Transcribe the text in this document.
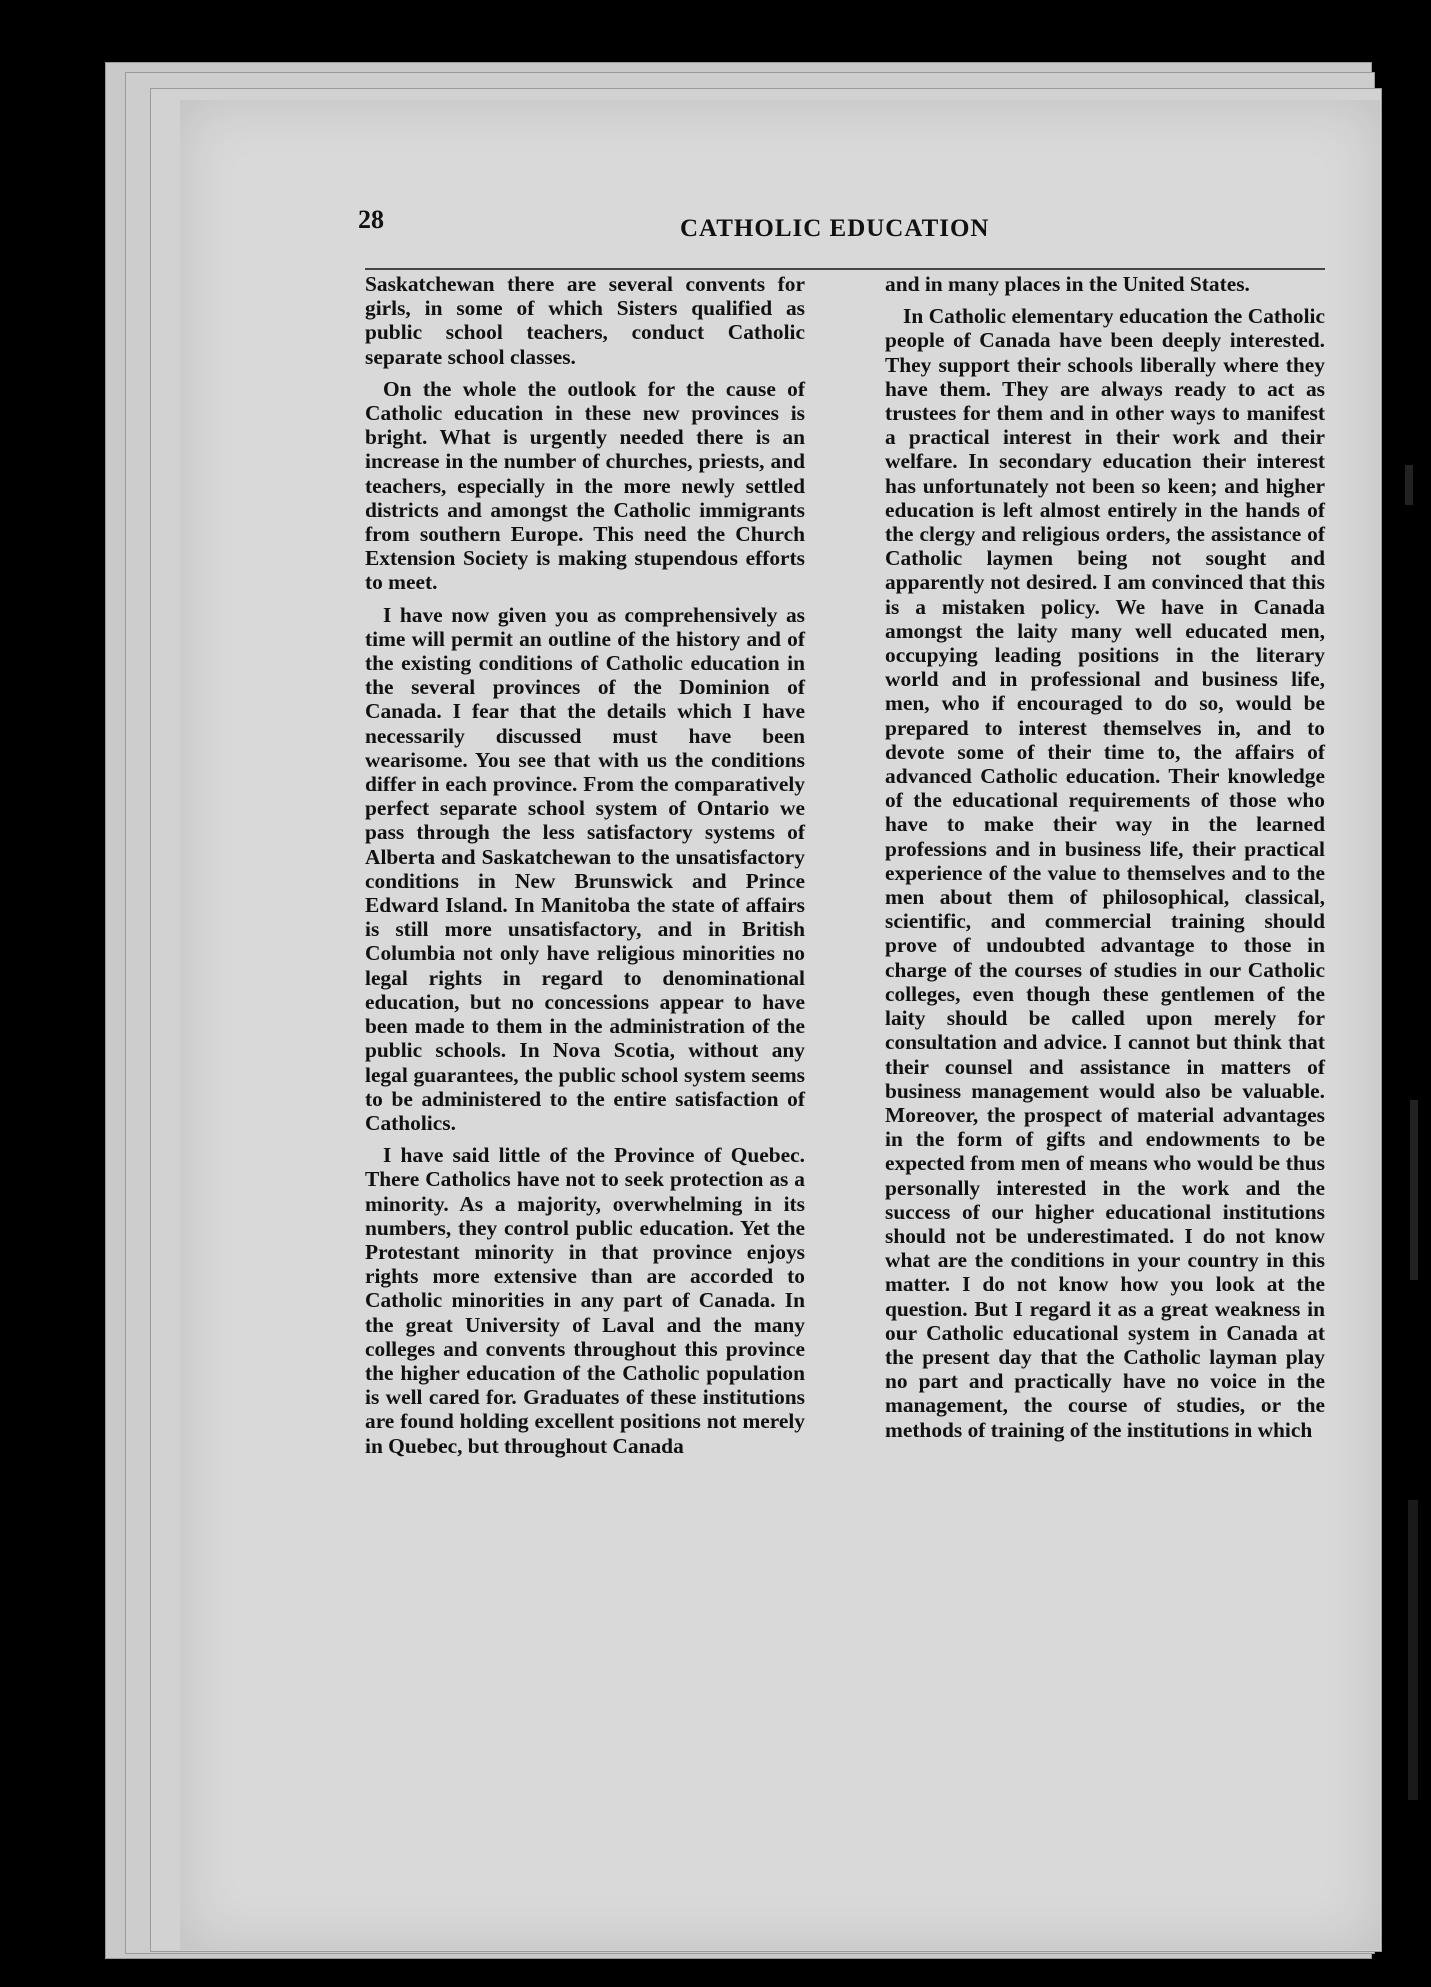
28	CATHOLIC EDUCATION

Saskatchewan there are several convents for girls, in some of which Sisters qualified as public school teachers, conduct Catholic separate school classes.

On the whole the outlook for the cause of Catholic education in these new provinces is bright. What is urgently needed there is an increase in the number of churches, priests, and teachers, especially in the more newly settled districts and amongst the Catholic immigrants from southern Europe. This need the Church Extension Society is making stupendous efforts to meet.

I have now given you as comprehensively as time will permit an outline of the history and of the existing conditions of Catholic education in the several provinces of the Dominion of Canada. I fear that the details which I have necessarily discussed must have been wearisome. You see that with us the conditions differ in each province. From the comparatively perfect separate school system of Ontario we pass through the less satisfactory systems of Alberta and Saskatchewan to the unsatisfactory conditions in New Brunswick and Prince Edward Island. In Manitoba the state of affairs is still more unsatisfactory, and in British Columbia not only have religious minorities no legal rights in regard to denominational education, but no concessions appear to have been made to them in the administration of the public schools. In Nova Scotia, without any legal guarantees, the public school system seems to be administered to the entire satisfaction of Catholics.

I have said little of the Province of Quebec. There Catholics have not to seek protection as a minority. As a majority, overwhelming in its numbers, they control public education. Yet the Protestant minority in that province enjoys rights more extensive than are accorded to Catholic minorities in any part of Canada. In the great University of Laval and the many colleges and convents throughout this province the higher education of the Catholic population is well cared for. Graduates of these institutions are found holding excellent positions not merely in Quebec, but throughout Canada

and in many places in the United States.

In Catholic elementary education the Catholic people of Canada have been deeply interested. They support their schools liberally where they have them. They are always ready to act as trustees for them and in other ways to manifest a practical interest in their work and their welfare. In secondary education their interest has unfortunately not been so keen; and higher education is left almost entirely in the hands of the clergy and religious orders, the assistance of Catholic laymen being not sought and apparently not desired. I am convinced that this is a mistaken policy. We have in Canada amongst the laity many well educated men, occupying leading positions in the literary world and in professional and business life, men, who if encouraged to do so, would be prepared to interest themselves in, and to devote some of their time to, the affairs of advanced Catholic education. Their knowledge of the educational requirements of those who have to make their way in the learned professions and in business life, their practical experience of the value to themselves and to the men about them of philosophical, classical, scientific, and commercial training should prove of undoubted advantage to those in charge of the courses of studies in our Catholic colleges, even though these gentlemen of the laity should be called upon merely for consultation and advice. I cannot but think that their counsel and assistance in matters of business management would also be valuable. Moreover, the prospect of material advantages in the form of gifts and endowments to be expected from men of means who would be thus personally interested in the work and the success of our higher educational institutions should not be underestimated. I do not know what are the conditions in your country in this matter. I do not know how you look at the question. But I regard it as a great weakness in our Catholic educational system in Canada at the present day that the Catholic layman play no part and practically have no voice in the management, the course of studies, or the methods of training of the institutions in which
